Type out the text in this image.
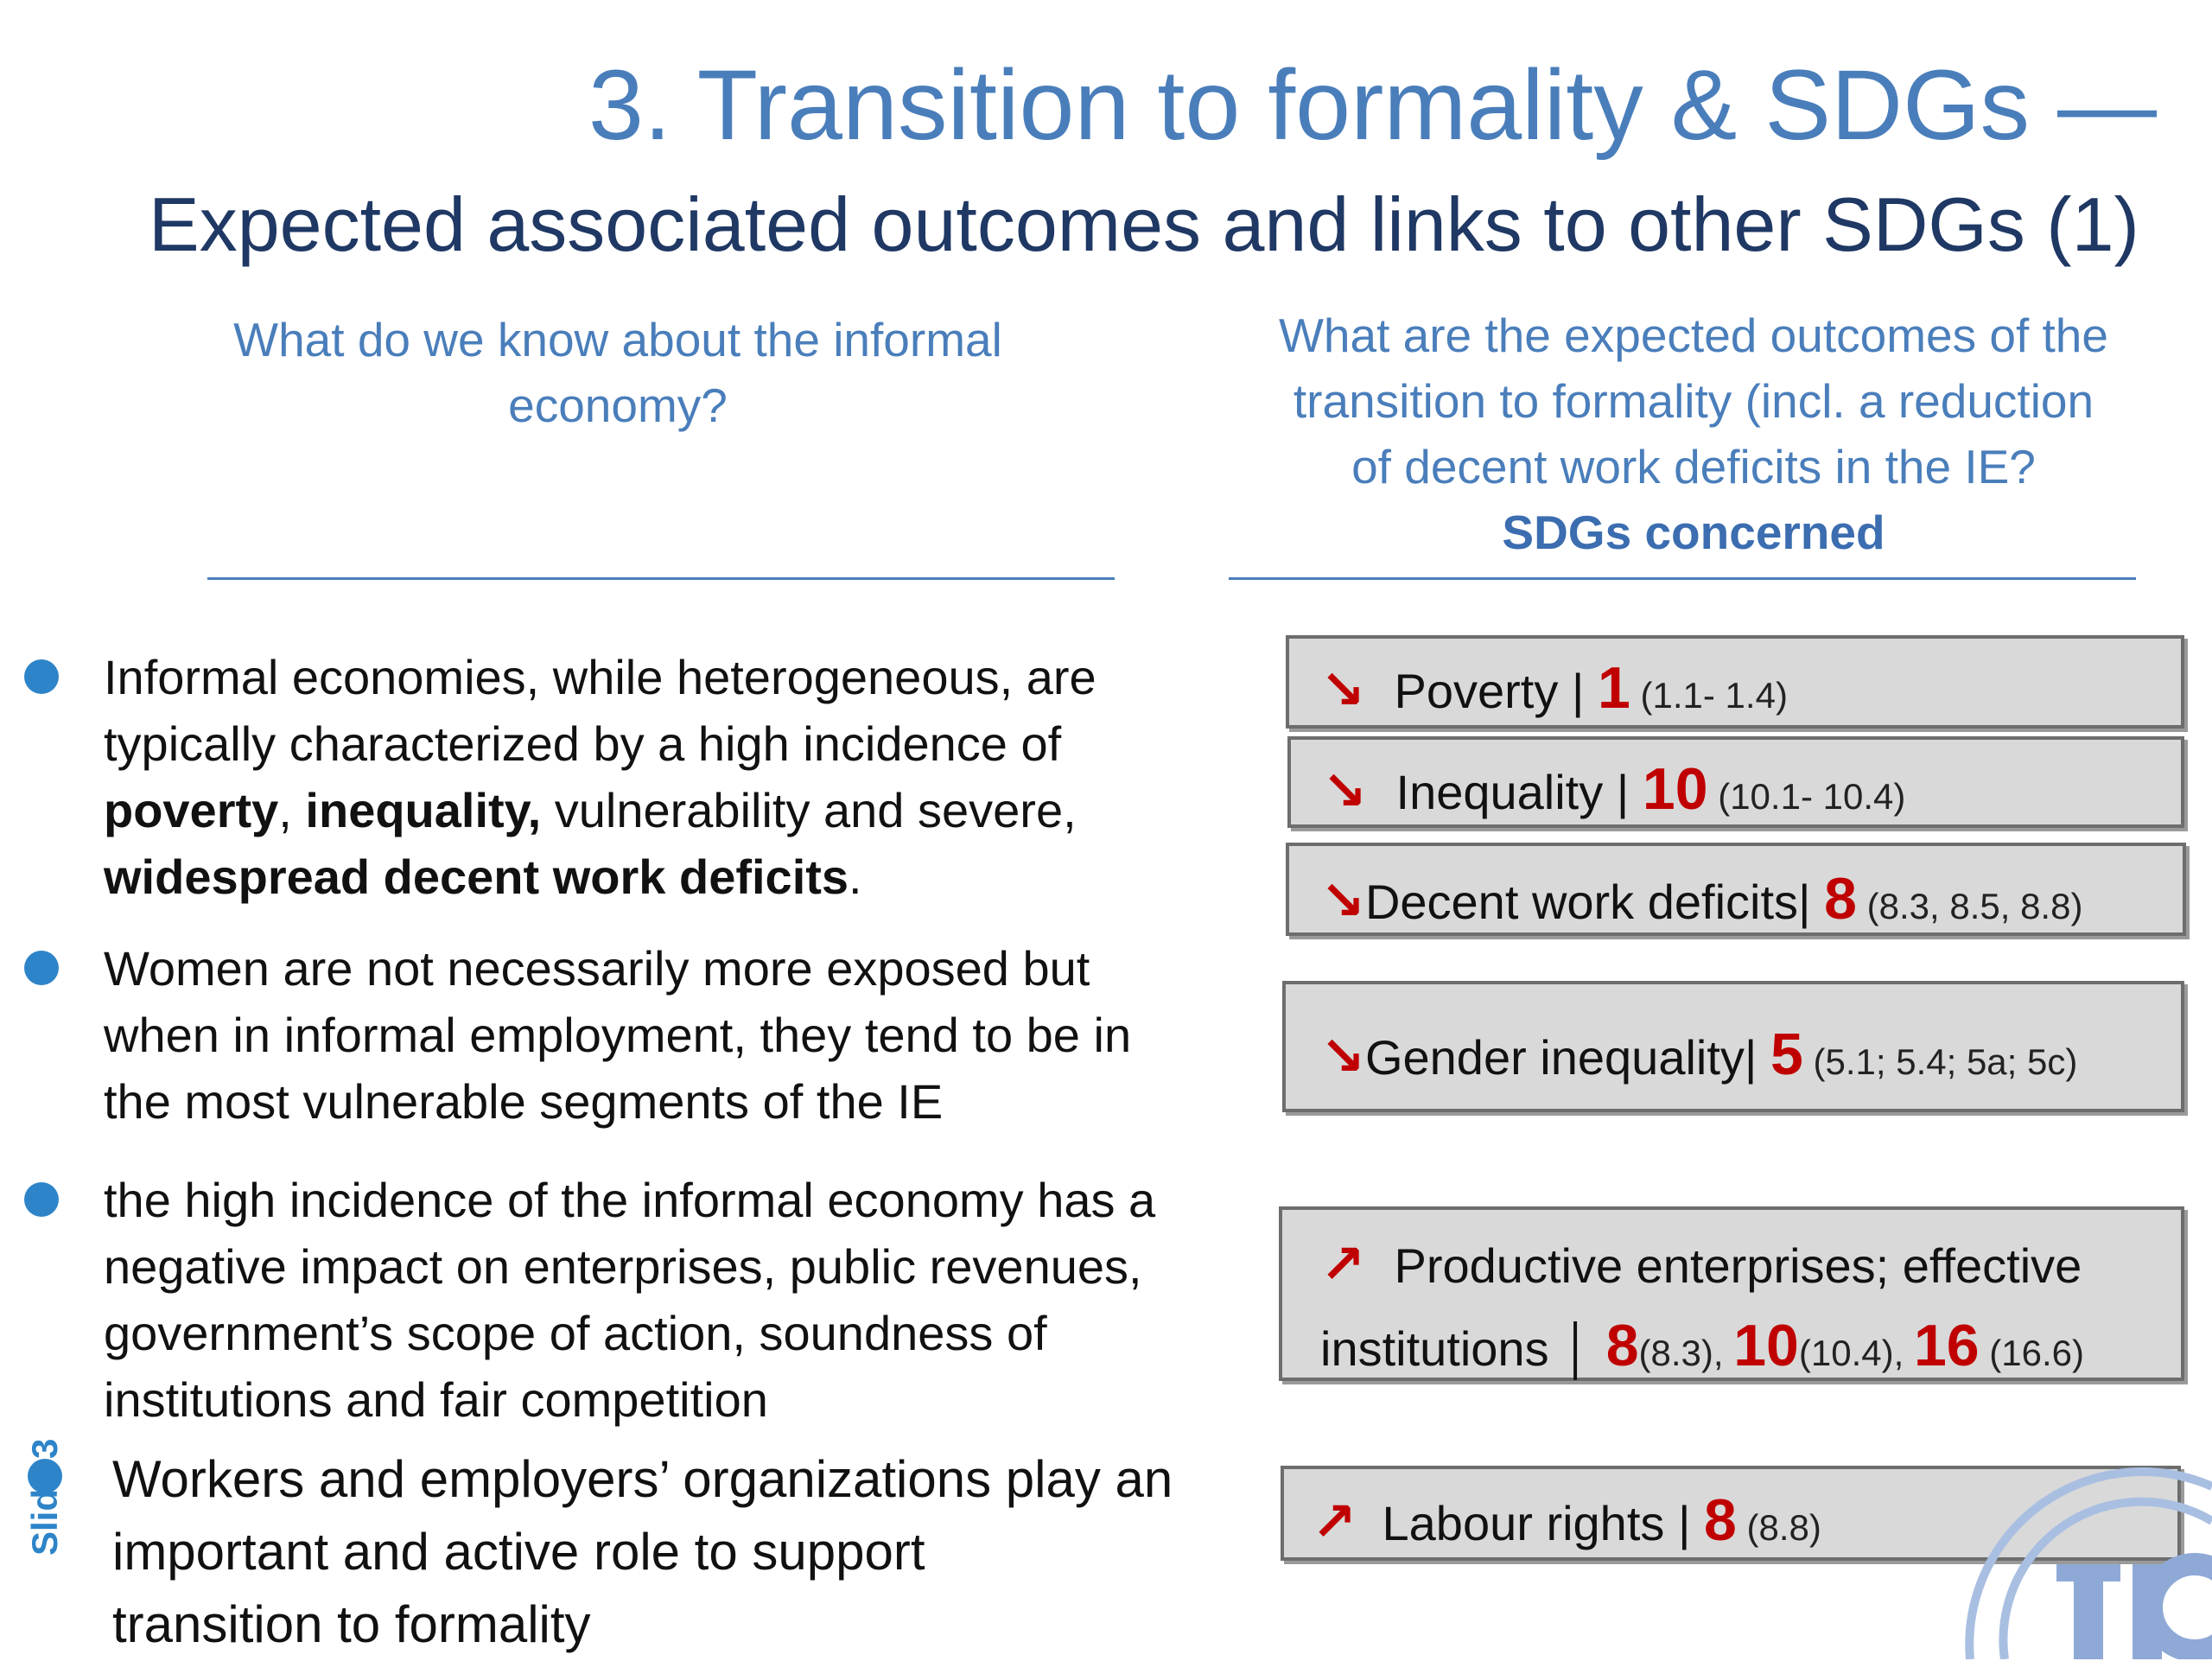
3. Transition to formality & SDGs —
Expected associated outcomes and links to other SDGs (1)
What do we know about the informal
economy?
What are the expected outcomes of the
transition to formality (incl. a reduction
of decent work deficits in the IE?
SDGs concerned
Informal economies, while heterogeneous, are
typically characterized by a high incidence of
poverty, inequality, vulnerability and severe,
widespread decent work deficits.
Women are not necessarily more exposed but
when in informal employment, they tend to be in
the most vulnerable segments of the IE
the high incidence of the informal economy has a
negative impact on enterprises, public revenues,
government’s scope of action, soundness of
institutions and fair competition
Workers and employers’ organizations play an
important and active role to support
transition to formality
↘ Poverty | 1 (1.1- 1.4)
↘ Inequality | 10 (10.1- 10.4)
↘Decent work deficits| 8 (8.3, 8.5, 8.8)
↘Gender inequality| 5 (5.1; 5.4; 5a; 5c)
↗ Productive enterprises; effective
institutions │ 8(8.3), 10(10.4), 16 (16.6)
↗ Labour rights | 8 (8.8)
Slide 3
